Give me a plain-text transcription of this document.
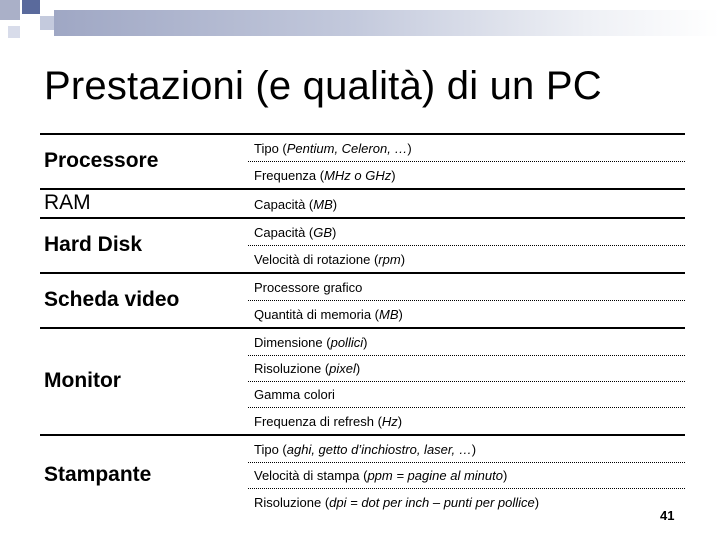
Prestazioni (e qualità) di un PC
Processore
Tipo ( Pentium, Celeron, … )
Frequenza ( MHz o GHz )
RAM	Capacità ( MB )
Hard Disk
Capacità ( GB )
Velocità di rotazione ( rpm )
Scheda video
Processore grafico
Quantità di memoria ( MB )
Monitor
Dimensione ( pollici )
Risoluzione ( pixel )
Gamma colori
Frequenza di refresh ( Hz )
Stampante
Tipo ( aghi, getto d’inchiostro, laser, … )
Velocità di stampa ( ppm = pagine al minuto )
Risoluzione ( dpi = dot per inch – punti per pollice )
41
